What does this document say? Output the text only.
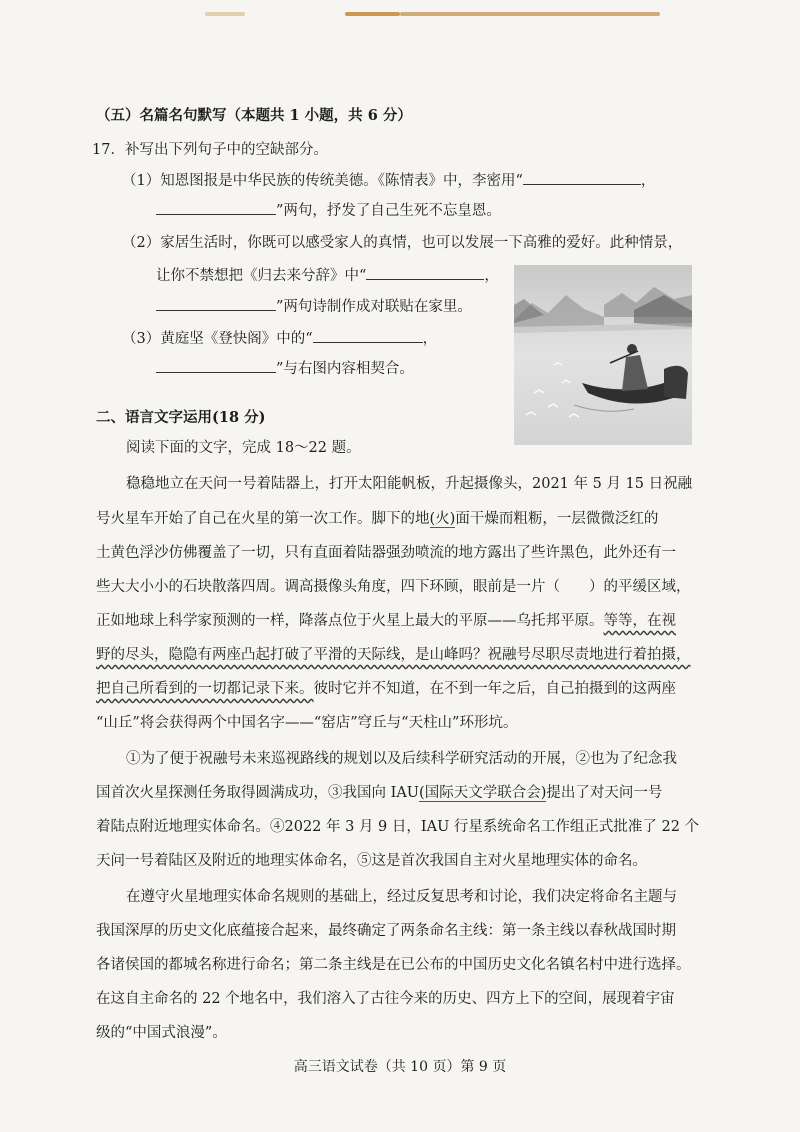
（五）名篇名句默写（本题共 1 小题，共 6 分）
17．补写出下列句子中的空缺部分。
（1）知恩图报是中华民族的传统美德。《陈情表》中，李密用“	，
”两句，抒发了自己生死不忘皇恩。
（2）家居生活时，你既可以感受家人的真情，也可以发展一下高雅的爱好。此种情景，
让你不禁想把《归去来兮辞》中“	，
”两句诗制作成对联贴在家里。
（3）黄庭坚《登快阁》中的“	，
”与右图内容相契合。
二、语言文字运用(18 分)
阅读下面的文字，完成 18～22 题。
稳稳地立在天问一号着陆器上，打开太阳能帆板，升起摄像头，2021 年 5 月 15 日祝融
号火星车开始了自己在火星的第一次工作。脚下的地(火)面干燥而粗粝，一层微微泛红的
土黄色浮沙仿佛覆盖了一切，只有直面着陆器强劲喷流的地方露出了些许黑色，此外还有一
些大大小小的石块散落四周。调高摄像头角度，四下环顾，眼前是一片（　　）的平缓区域，
正如地球上科学家预测的一样，降落点位于火星上最大的平原——乌托邦平原。等等，在视
野的尽头，隐隐有两座凸起打破了平滑的天际线，是山峰吗？祝融号尽职尽责地进行着拍摄，
把自己所看到的一切都记录下来。彼时它并不知道，在不到一年之后，自己拍摄到的这两座
“山丘”将会获得两个中国名字——“窑店”穹丘与“天柱山”环形坑。
①为了便于祝融号未来巡视路线的规划以及后续科学研究活动的开展，②也为了纪念我
国首次火星探测任务取得圆满成功，③我国向 IAU(国际天文学联合会)提出了对天问一号
着陆点附近地理实体命名。④2022 年 3 月 9 日，IAU 行星系统命名工作组正式批准了 22 个
天问一号着陆区及附近的地理实体命名，⑤这是首次我国自主对火星地理实体的命名。
在遵守火星地理实体命名规则的基础上，经过反复思考和讨论，我们决定将命名主题与
我国深厚的历史文化底蕴接合起来，最终确定了两条命名主线：第一条主线以春秋战国时期
各诸侯国的都城名称进行命名；第二条主线是在已公布的中国历史文化名镇名村中进行选择。
在这自主命名的 22 个地名中，我们溶入了古往今来的历史、四方上下的空间，展现着宇宙
级的“中国式浪漫”。
高三语文试卷（共 10 页）第 9 页
